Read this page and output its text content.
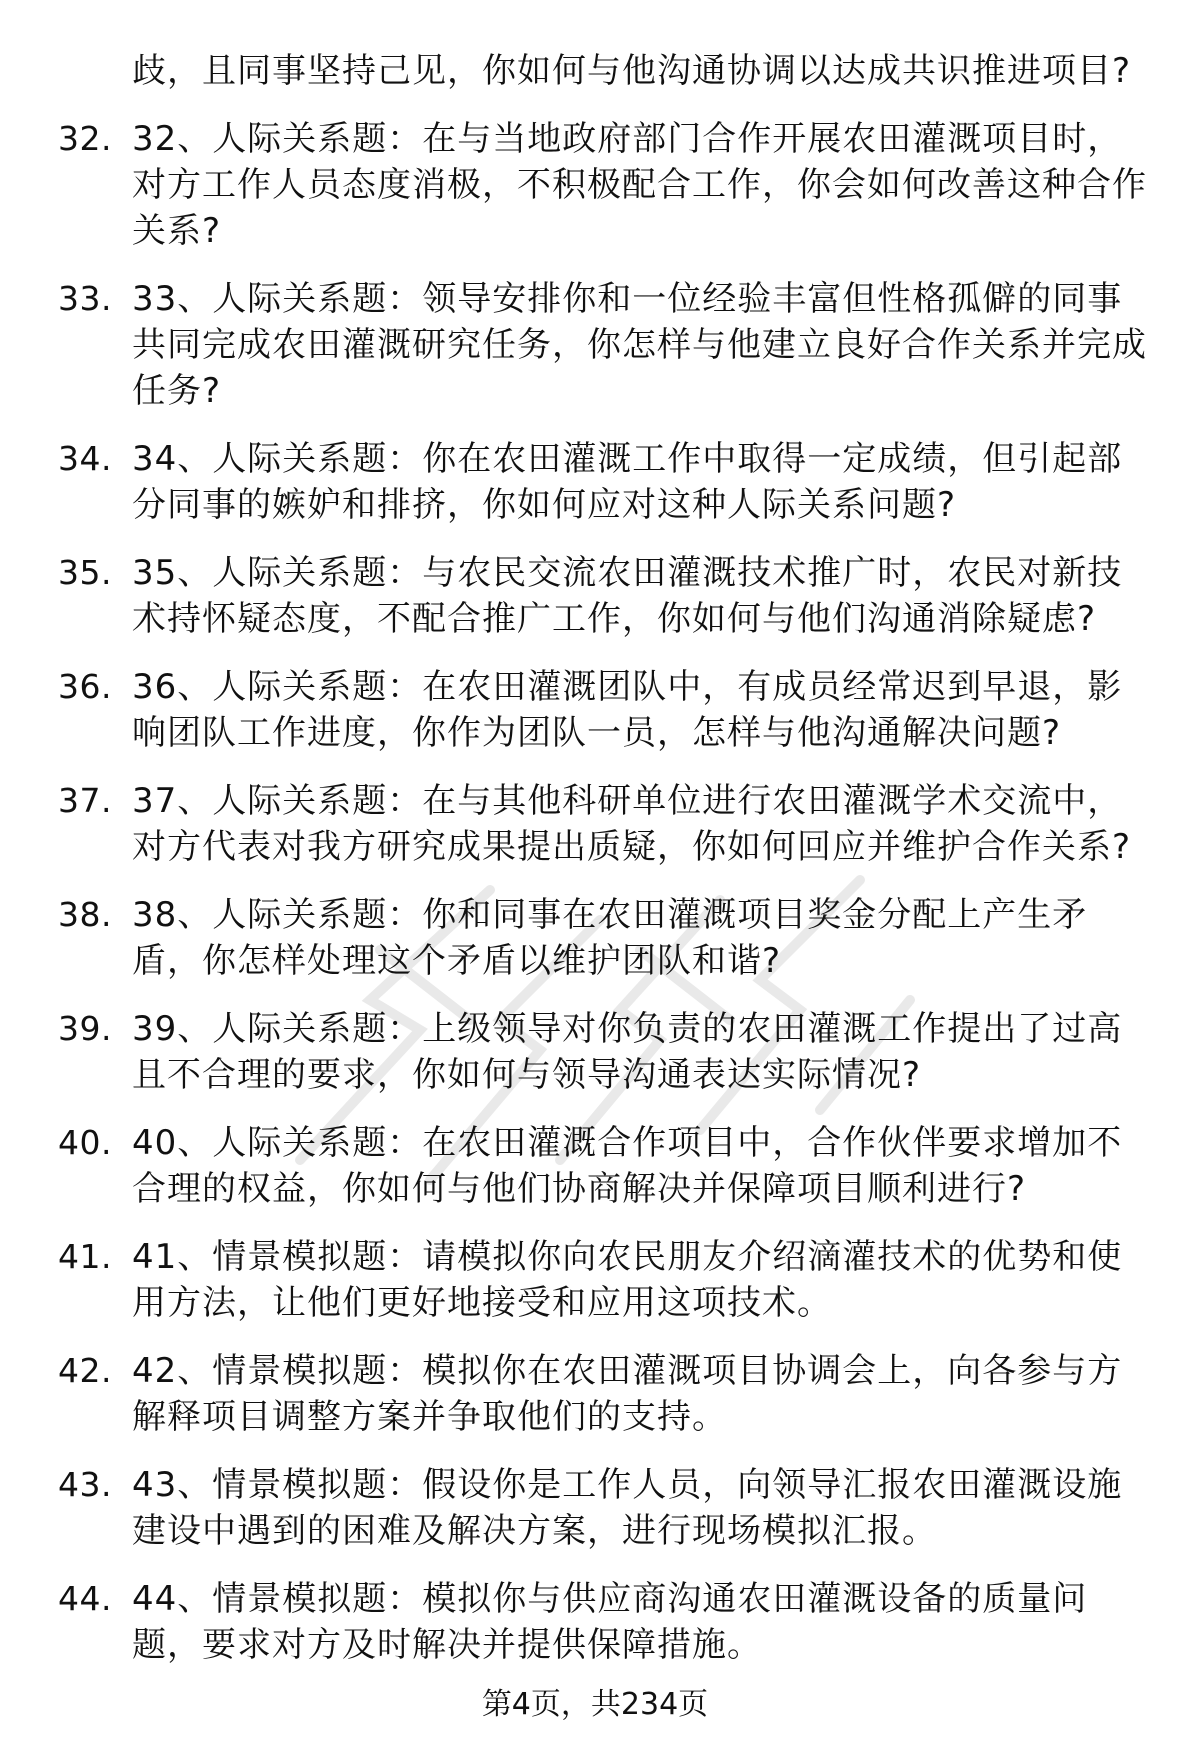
歧，且同事坚持己见，你如何与他沟通协调以达成共识推进项目?
32. 32、人际关系题：在与当地政府部门合作开展农田灌溉项目时，对方工作人员态度消极，不积极配合工作，你会如何改善这种合作关系?
33. 33、人际关系题：领导安排你和一位经验丰富但性格孤僻的同事共同完成农田灌溉研究任务，你怎样与他建立良好合作关系并完成任务?
34. 34、人际关系题：你在农田灌溉工作中取得一定成绩，但引起部分同事的嫉妒和排挤，你如何应对这种人际关系问题?
35. 35、人际关系题：与农民交流农田灌溉技术推广时，农民对新技术持怀疑态度，不配合推广工作，你如何与他们沟通消除疑虑?
36. 36、人际关系题：在农田灌溉团队中，有成员经常迟到早退，影响团队工作进度，你作为团队一员，怎样与他沟通解决问题?
37. 37、人际关系题：在与其他科研单位进行农田灌溉学术交流中，对方代表对我方研究成果提出质疑，你如何回应并维护合作关系?
38. 38、人际关系题：你和同事在农田灌溉项目奖金分配上产生矛盾，你怎样处理这个矛盾以维护团队和谐?
39. 39、人际关系题：上级领导对你负责的农田灌溉工作提出了过高且不合理的要求，你如何与领导沟通表达实际情况?
40. 40、人际关系题：在农田灌溉合作项目中，合作伙伴要求增加不合理的权益，你如何与他们协商解决并保障项目顺利进行?
41. 41、情景模拟题：请模拟你向农民朋友介绍滴灌技术的优势和使用方法，让他们更好地接受和应用这项技术。
42. 42、情景模拟题：模拟你在农田灌溉项目协调会上，向各参与方解释项目调整方案并争取他们的支持。
43. 43、情景模拟题：假设你是工作人员，向领导汇报农田灌溉设施建设中遇到的困难及解决方案，进行现场模拟汇报。
44. 44、情景模拟题：模拟你与供应商沟通农田灌溉设备的质量问题，要求对方及时解决并提供保障措施。
第4页，共234页
